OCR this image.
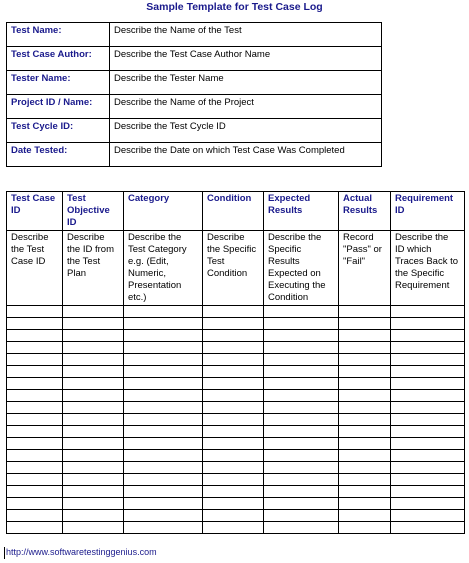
Sample Template for Test Case Log
Test Name:	Describe the Name of the Test
Test Case Author:	Describe the Test Case Author Name
Tester Name:	Describe the Tester Name
Project ID / Name:	Describe the Name of the Project
Test Cycle ID:	Describe the Test Cycle ID
Date Tested:	Describe the Date on which Test Case Was Completed
Test Case ID	Test Objective ID	Category	Condition	Expected Results	Actual Results	Requirement ID
Describe the Test Case ID	Describe the ID from the Test Plan	Describe the Test Category e.g. (Edit, Numeric, Presentation etc.)	Describe the Specific Test Condition	Describe the Specific Results Expected on Executing the Condition	Record "Pass" or "Fail"	Describe the ID which Traces Back to the Specific Requirement

http://www.softwaretestinggenius.com
